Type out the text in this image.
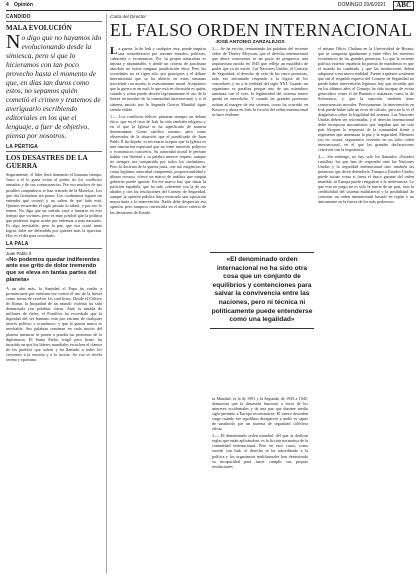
4 Opinión	DOMINGO 20/6/2021	ABC
CÁNDIDO
MALA EVOLUCIÓN

No digo que no hayamos ido evolucionando desde la simiesca, pero sí que lo hicieramos con tan poco provecho hasta el momento de que, en días tan duros como estos, no sepamos quién cometió el crimen y tratemos de averiguarlo escribiendo editoriales en los que el lenguaje, a fuer de objetivo, piensa por nosotros.

LA PÉRTIGA
LOS DESASTRES DE LA GUERRA

Seguramente, el líder fiera domando el humano tiempo. Justo a él le gusta evitar el poder, de los conflictos armados y de sus consecuencias. Por eso muchos de sus posibles compañeros se han retirado de la Moncloa. Los que dio Grabalsen sin poner. Los ciudadanos siguen sin entender qué ocurrió y no saben de qué lado está. Quienes recuerdan el siglo pasado lo saben, y por eso lo temen. No digo que un sufrido vaya a lanzarse en este tiempo que vivimos, pero es muy posible que la política que podemos lograr acabe por enfrentar a más naciones. Es algo inevitable, pero la paz, que nos costó tanto lograr, debe ser defendida por quienes más la aprecian. Hoy es el día para recordarlo.

LA PALA
Juan Pablo II
«No podemos quedar indiferentes ante ese grito de dolor tremendo que se eleva en tantas partes del planeta»

A un año más, la Santidad el Papa ha vuelto a pronunciarse por enésima vez contra el uso de la fuerza como forma de resolver los conflictos. Desde el Coliseo de Roma, la Iniquidad de un mundo violento ha sido denunciada con palabras claras. Ante la mirada de millones de fieles, el Pontífice ha recordado que la dignidad del ser humano está por encima de cualquier interés político o económico, y que la guerra nunca es inevitable. Sus palabras resuenan en cada rincón del planeta mientras se ponen a prueba las promesas de la diplomacia. El Santo Padre, frágil pero firme, ha insistido en que los líderes mundiales escuchen el clamor de los pueblos que sufren y ha llamado a todos los creyentes a la oración y a la acción. Su voz se revela serena y oportuna.

Carta del Director
EL FALSO ORDEN INTERNACIONAL
JOSÉ ANTONIO ZARZALEJOS

La guerra, la de Irak y cualquier otra, puede inspirar una consideración por razones morales, políticas, culturales o económicas. Por su propia naturaleza es injusta y abominable, y desde un criterio de pacifismo absoluto no existe ninguna justificación ética. Pero las sociedades no se rigen sólo por principios y el debate internacional que se ha abierto en estas semanas trasciende con mucho lo estrictamente moral. Aceptamos que la guerra es un mal; lo que está en discusión es quién, cuándo y cómo puede decidir legítimamente el uso de la fuerza en nombre de la comunidad internacional, y si el sistema nacido tras la Segunda Guerra Mundial sigue siendo válido.

1.— Los conflictos bélicos plantean siempre un debate ético, que en el caso de Irak ha sido también religioso y en el que la Iglesia se ha significado de manera determinante. Como católico romano, pero como observador de la situación que el pontificado de Juan Pablo II ha dejado, es necesario aceptar que la Iglesia es una institución espiritual que no tiene intereses políticos o económicos concretos. Su autoridad moral le permite hablar con libertad y su palabra merece respeto, aunque no siempre sea compartida por todos los ciudadanos. Pero la doctrina de la guerra justa, con sus exigencias de causa legítima, autoridad competente, proporcionalidad y último recurso, ofrece un marco de análisis que ningún gobierno puede ignorar. En ese marco hay que situar la posición española, que ha sido coherente con la de sus aliados y con las resoluciones del Consejo de Seguridad, aunque la opinión pública haya mostrado una oposición mayoritaria a la intervención. Nadie debe despreciar esa opinión, pero tampoco convertirla en el único criterio de las decisiones de Estado.

2.— Se ha escrito, remontando las palabras del reciente vídeo de Thierry Meyssan, que el derecho internacional que ahora conocemos es un pacto de posguerra, una arquitectura nacida en 1945 que refleja un equilibrio de poder que ya no existe. Las Naciones Unidas, el Consejo de Seguridad, el derecho de veto de las cinco potencias, todo ese entramado responde a la lógica de los vencedores y no a la realidad del siglo XXI. Cuando un organismo se paraliza porque uno de sus miembros amenaza con el veto, la legitimidad del sistema entero queda en entredicho. Y cuando las grandes potencias actúan al margen de ese sistema, como ha ocurrido en Kosovo y ahora en Irak, la ficción del orden internacional se hace evidente.

ra Mundial, es la de 1991 y la Segunda, de 1939 a 1945, demuestra que la disuasión funcionó a favor de los intereses occidentales y de una paz que durante medio siglo permitió a Europa reconstruirse. El nuevo desorden surge cuando ese equilibrio desaparece y nadie es capaz de sustituirlo por un sistema de seguridad colectiva eficaz.

3.— El denominado orden mundial, del que se dedican reglas que están aplicándose, es la ficción normativa de la comunidad internacional. Pero en esos casos, como sucede con Irak, el derecho se ha subordinado a la política y los organismos multilaterales han demostrado su incapacidad para hacer cumplir sus propias resoluciones.

el mismo Oficio Chalana en la Universidad de Bosnia, que se comporta igualmente y entre ellos los intereses económicos de las grandes potencias. Lo que la reciente política exterior española ha puesto de manifiesto es que el mundo ha cambiado y que las instituciones deben adaptarse a esa nueva realidad. Frente a quienes sostienen que sin el respaldo expreso del Consejo de Seguridad no puede haber intervención legítima, hay que recordar que en los últimos años el Consejo ha sido incapaz de evitar genocidios como el de Ruanda o matanzas como la de Srebrenica, y que la inacción también tiene consecuencias morales. Precisamente, la intervención en Irak puede haber sido un error de cálculo, pero no lo es el diagnóstico sobre la fragilidad del sistema. Las Naciones Unidas deben ser reformadas, y el derecho internacional debe incorporar mecanismos que impidan que un solo país bloquee la respuesta de la comunidad frente a regímenes que amenazan la paz y la seguridad. Mientras eso no ocurra, seguiremos viviendo en un falso orden internacional, en el que las grandes declaraciones conviven con la impotencia.

4.— Sin embargo, no hay solo los llamados «Estados canallas» los que han de responder ante las Naciones Unidas y la seguridad internacional sino también las potencias que dicen defenderla. Tampoco Estados Unidos puede actuar como si fuera el único garante del orden mundial, ni Europa puede resignarse a la irrelevancia. Lo que está en juego no es solo la suerte de un país, sino la credibilidad del sistema multilateral y la posibilidad de construir un orden internacional basado en reglas y no únicamente en la fuerza de los más poderosos.

«El denominado orden internacional no ha sido otra cosa que un conjunto de equilibrios y contenciones para salvar la convivencia entre las naciones, pero ni técnica ni políticamente puede entenderse como una legalidad»
